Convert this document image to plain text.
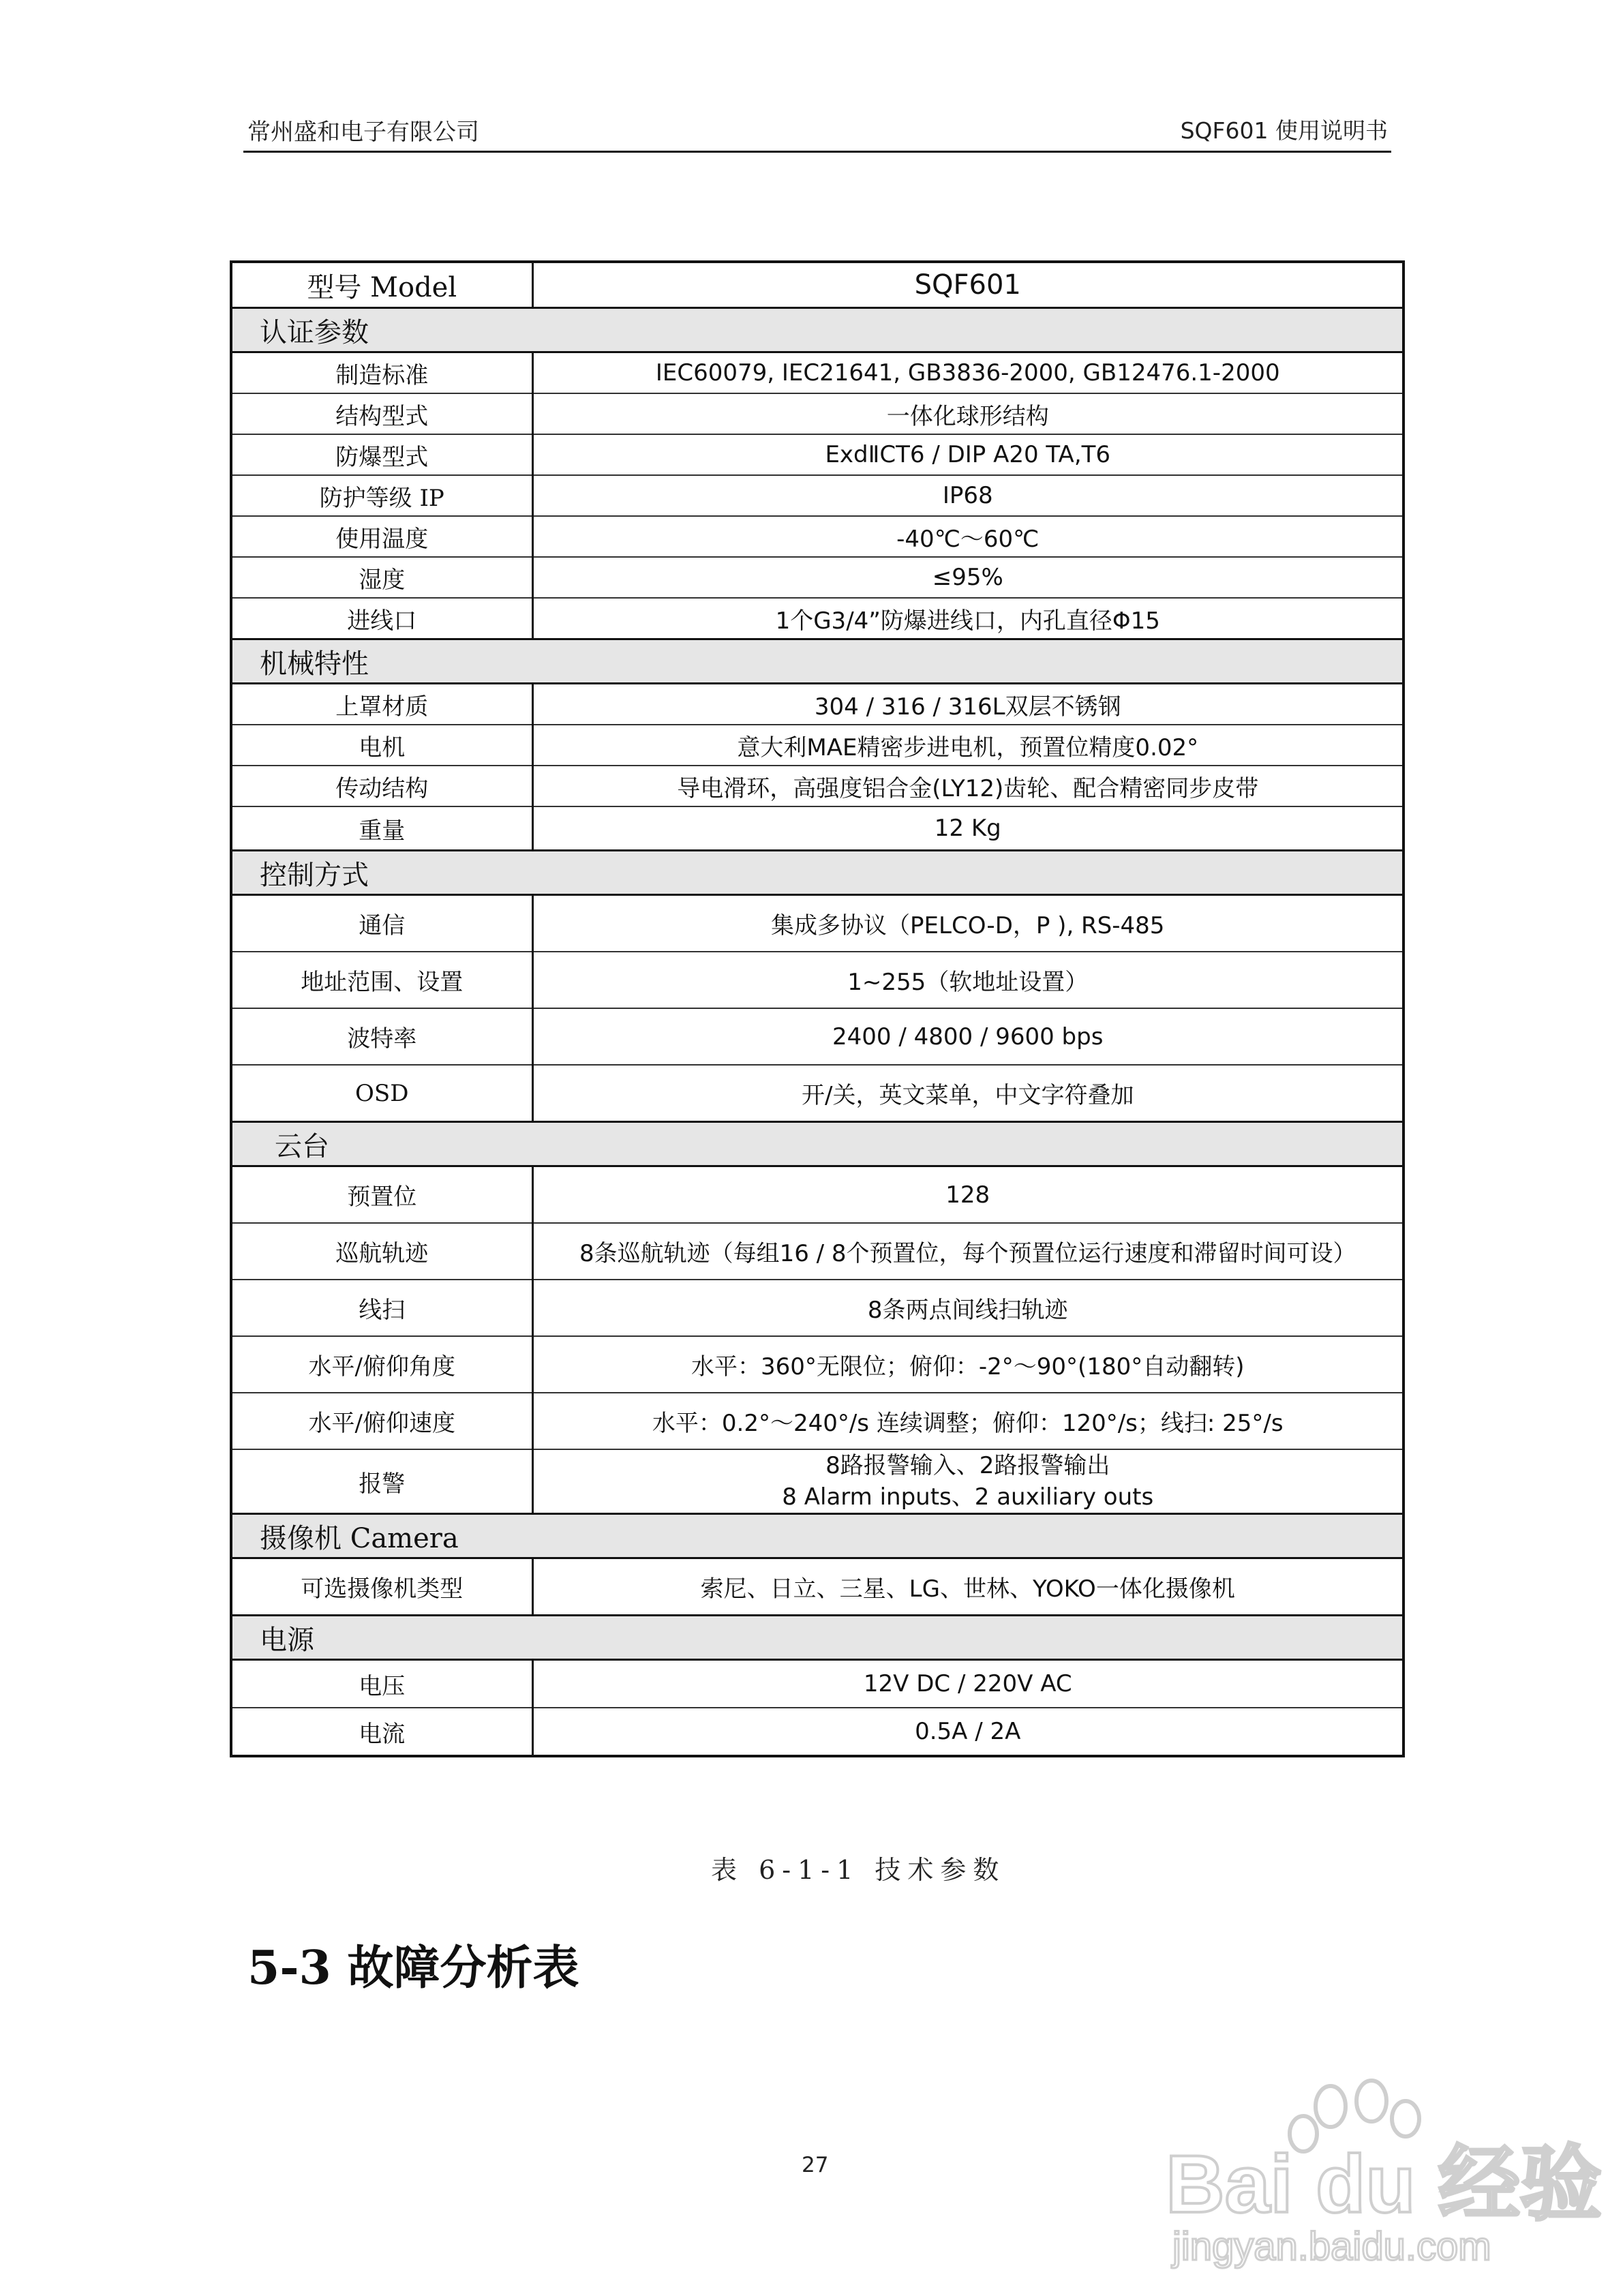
常州盛和电子有限公司	SQF601 使用说明书
型号 Model	SQF601
认证参数	
制造标准	IEC60079, IEC21641, GB3836-2000, GB12476.1-2000
结构型式	一体化球形结构
防爆型式	ExdⅡCT6 / DIP A20 TA,T6
防护等级 IP	IP68
使用温度	-40℃～60℃
湿度	≤95%
进线口	1个G3/4”防爆进线口，内孔直径Φ15
机械特性	
上罩材质	304 / 316 / 316L双层不锈钢
电机	意大利MAE精密步进电机，预置位精度0.02°
传动结构	导电滑环，高强度铝合金(LY12)齿轮、配合精密同步皮带
重量	12 Kg
控制方式	
通信	集成多协议（PELCO-D，P ), RS-485
地址范围、设置	1~255（软地址设置）
波特率	2400 / 4800 / 9600 bps
OSD	开/关，英文菜单，中文字符叠加
云台	
预置位	128
巡航轨迹	8条巡航轨迹（每组16 / 8个预置位，每个预置位运行速度和滞留时间可设）
线扫	8条两点间线扫轨迹
水平/俯仰角度	水平：360°无限位；俯仰：-2°～90°(180°自动翻转)
水平/俯仰速度	水平：0.2°～240°/s 连续调整；俯仰：120°/s；线扫: 25°/s
报警	8路报警输入、2路报警输出
8 Alarm inputs、2 auxiliary outs

摄像机 Camera	
可选摄像机类型	索尼、日立、三星、LG、世林、YOKO一体化摄像机
电源	
电压	12V DC / 220V AC
电流	0.5A / 2A
表 6-1-1 技术参数
5-3 故障分析表
27	Bai du 经验
jingyan.baidu.com
